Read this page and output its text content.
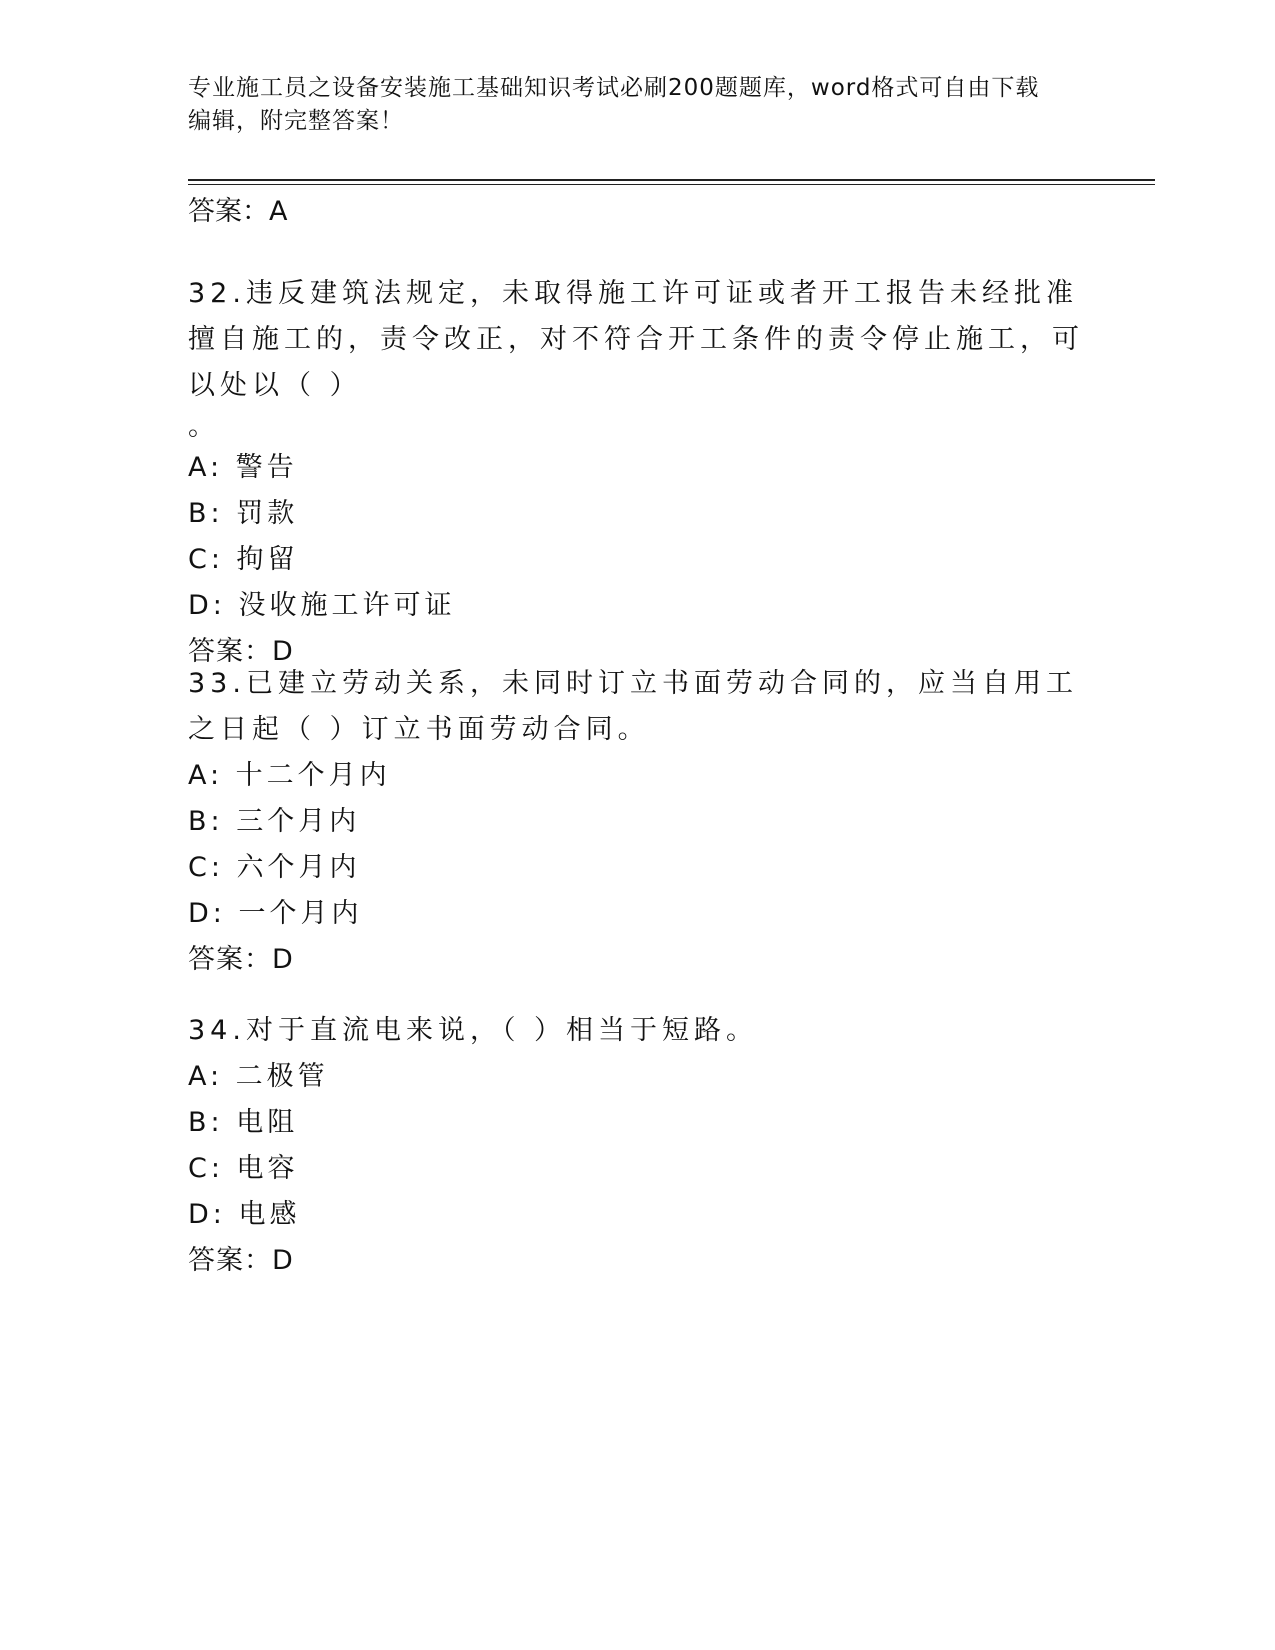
专业施工员之设备安装施工基础知识考试必刷200题题库，word格式可自由下载
编辑，附完整答案！
答案：A
32.违反建筑法规定，未取得施工许可证或者开工报告未经批准擅自施工的，责令改正，对不符合开工条件的责令停止施工，可以处以（ ）
。
A: 警告
B: 罚款
C: 拘留
D: 没收施工许可证
答案：D
33.已建立劳动关系，未同时订立书面劳动合同的，应当自用工之日起（ ）订立书面劳动合同。
A: 十二个月内
B: 三个月内
C: 六个月内
D: 一个月内
答案：D
34.对于直流电来说，（ ）相当于短路。
A: 二极管
B: 电阻
C: 电容
D: 电感
答案：D
